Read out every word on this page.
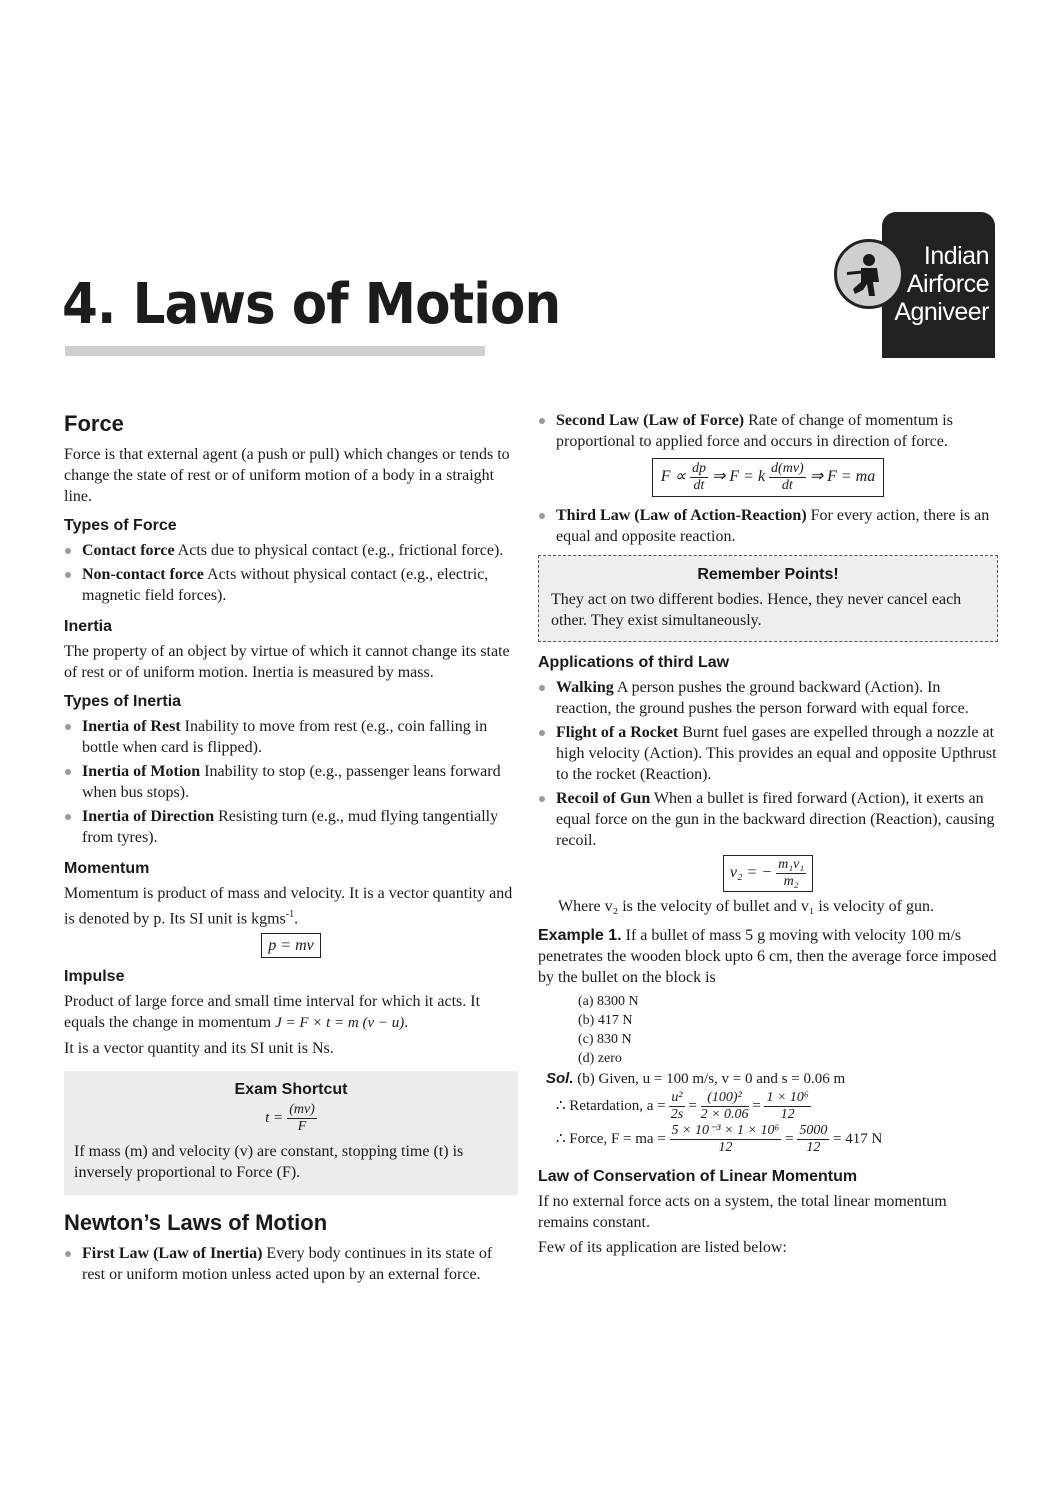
4. Laws of Motion
Indian
Airforce
Agniveer
Force

Force is that external agent (a push or pull) which changes or tends to change the state of rest or of uniform motion of a body in a straight line.

Types of Force
Contact force Acts due to physical contact (e.g., frictional force).
Non-contact force Acts without physical contact (e.g., electric, magnetic field forces).
Inertia

The property of an object by virtue of which it cannot change its state of rest or of uniform motion. Inertia is measured by mass.

Types of Inertia
Inertia of Rest Inability to move from rest (e.g., coin falling in bottle when card is flipped).
Inertia of Motion Inability to stop (e.g., passenger leans forward when bus stops).
Inertia of Direction Resisting turn (e.g., mud flying tangentially from tyres).
Momentum

Momentum is product of mass and velocity. It is a vector quantity and is denoted by p. Its SI unit is kgms$^{-1}$.

p = mv
Impulse

Product of large force and small time interval for which it acts. It equals the change in momentum J = F × t = m (v − u).

It is a vector quantity and its SI unit is Ns.

Exam Shortcut
$t = \frac{(mv)}{F}$

If mass (m) and velocity (v) are constant, stopping time (t) is inversely proportional to Force (F).

Newton’s Laws of Motion
First Law (Law of Inertia) Every body continues in its state of rest or uniform motion unless acted upon by an external force.
Second Law (Law of Force) Rate of change of momentum is proportional to applied force and occurs in direction of force.
$F \propto \frac{dp}{dt}$ ⇒ F = k $\frac{d(mv)}{dt}$ ⇒ F = ma
Third Law (Law of Action-Reaction) For every action, there is an equal and opposite reaction.
Remember Points!

They act on two different bodies. Hence, they never cancel each other. They exist simultaneously.

Applications of third Law
Walking A person pushes the ground backward (Action). In reaction, the ground pushes the person forward with equal force.
Flight of a Rocket Burnt fuel gases are expelled through a nozzle at high velocity (Action). This provides an equal and opposite Upthrust to the rocket (Reaction).
Recoil of Gun When a bullet is fired forward (Action), it exerts an equal force on the gun in the backward direction (Reaction), causing recoil.
v₂ = − $\frac{\text{m₁v₁}}{\text{m₂}}$

Where v₂ is the velocity of bullet and v₁ is velocity of gun.

Example 1. If a bullet of mass 5 g moving with velocity 100 m/s penetrates the wooden block upto 6 cm, then the average force imposed by the bullet on the block is

(a) 8300 N
(b) 417 N
(c) 830 N
(d) zero
Sol. (b) Given, u = 100 m/s, v = 0 and s = 0.06 m
∴ Retardation, $a = \frac{\text{u²}}{2s} = \frac{\text{(100)²}}{2 \times 0.06} = \frac{\text{1 × 10⁶}}{12}$
∴ Force, F = ma = $\frac{\text{5 × 10⁻³ × 1 × 10⁶}}{12} = \frac{5000}{12} = 417$ N
Law of Conservation of Linear Momentum

If no external force acts on a system, the total linear momentum remains constant.

Few of its application are listed below:
